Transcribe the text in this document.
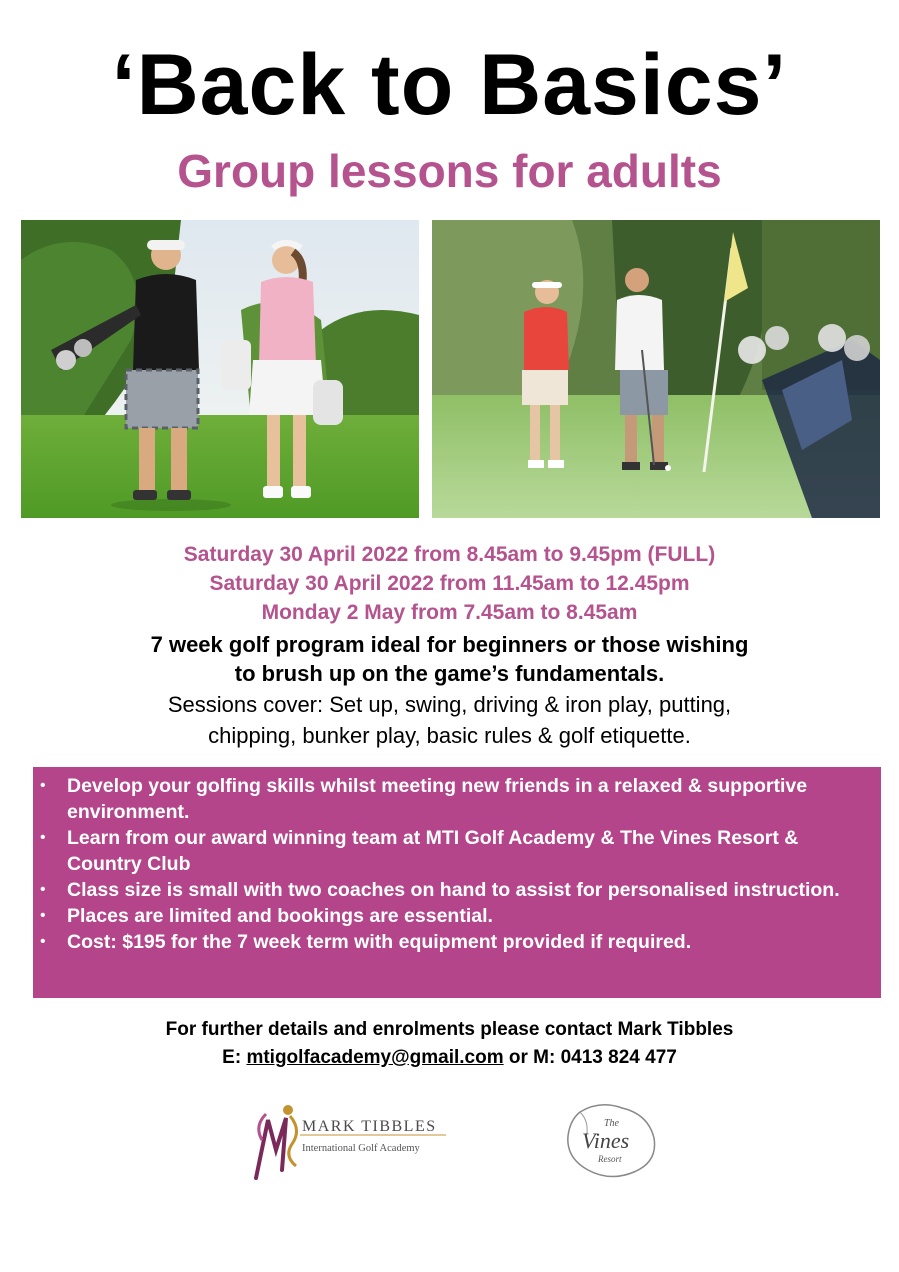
‘Back to Basics’
Group lessons for adults
Saturday 30 April 2022 from 8.45am to 9.45pm (FULL)
Saturday 30 April 2022 from 11.45am to 12.45pm
Monday 2 May from 7.45am to 8.45am
7 week golf program ideal for beginners or those wishing
to brush up on the game’s fundamentals.
Sessions cover: Set up, swing, driving & iron play, putting,
chipping, bunker play, basic rules & golf etiquette.
• Develop your golfing skills whilst meeting new friends in a relaxed & supportive environment.
• Learn from our award winning team at MTI Golf Academy & The Vines Resort & Country Club
• Class size is small with two coaches on hand to assist for personalised instruction.
• Places are limited and bookings are essential.
• Cost: $195 for the 7 week term with equipment provided if required.
For further details and enrolments please contact Mark Tibbles
E: mtigolfacademy@gmail.com or M: 0413 824 477
MARK TIBBLES
International Golf Academy
The
Vines
Resort
